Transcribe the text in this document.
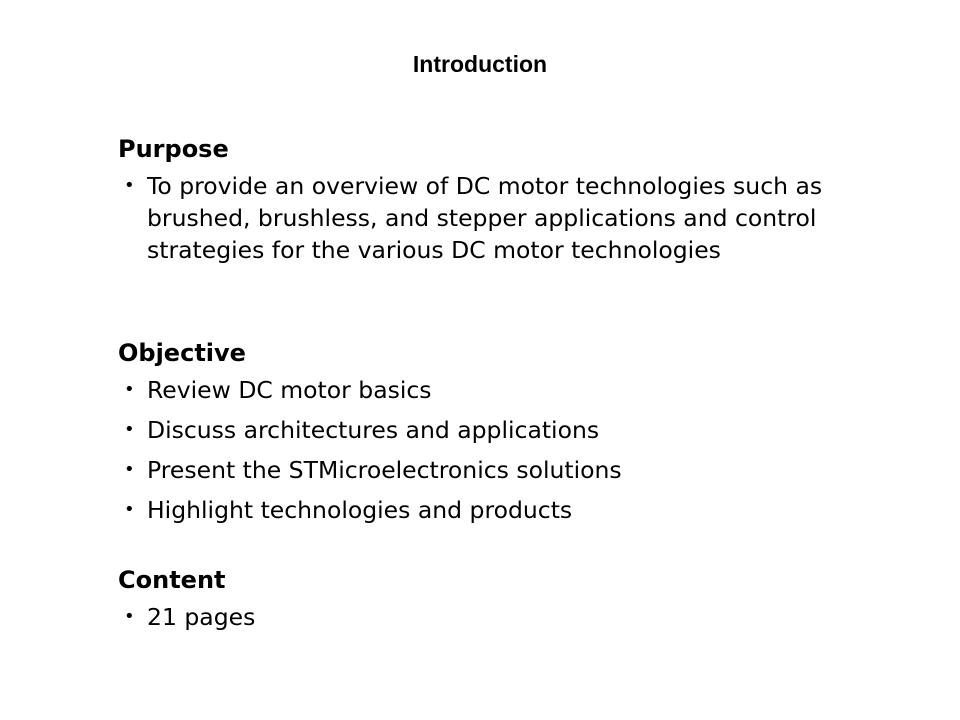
Introduction
Purpose
• To provide an overview of DC motor technologies such as brushed, brushless, and stepper applications and control strategies for the various DC motor technologies
Objective
• Review DC motor basics
• Discuss architectures and applications
• Present the STMicroelectronics solutions
• Highlight technologies and products
Content
• 21 pages
